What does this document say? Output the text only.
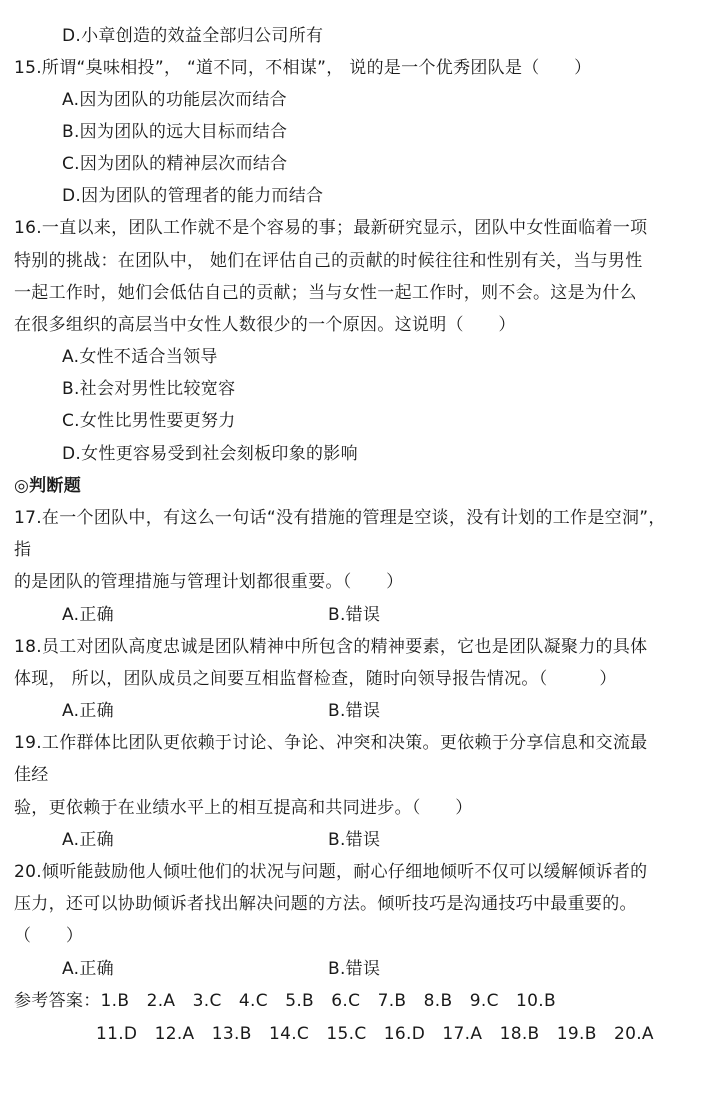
D.小章创造的效益全部归公司所有
15.所谓“臭味相投”， “道不同，不相谋”， 说的是一个优秀团队是（　　）
A.因为团队的功能层次而结合
B.因为团队的远大目标而结合
C.因为团队的精神层次而结合
D.因为团队的管理者的能力而结合
16.一直以来，团队工作就不是个容易的事；最新研究显示，团队中女性面临着一项
特别的挑战：在团队中， 她们在评估自己的贡献的时候往往和性别有关，当与男性
一起工作时，她们会低估自己的贡献；当与女性一起工作时，则不会。这是为什么
在很多组织的高层当中女性人数很少的一个原因。这说明（　　）
A.女性不适合当领导
B.社会对男性比较宽容
C.女性比男性要更努力
D.女性更容易受到社会刻板印象的影响
◎判断题
17.在一个团队中，有这么一句话“没有措施的管理是空谈，没有计划的工作是空洞”，
指
的是团队的管理措施与管理计划都很重要。（　　）
A.正确	B.错误
18.员工对团队高度忠诚是团队精神中所包含的精神要素，它也是团队凝聚力的具体
体现， 所以，团队成员之间要互相监督检查，随时向领导报告情况。（　　　）
A.正确	B.错误
19.工作群体比团队更依赖于讨论、争论、冲突和决策。更依赖于分享信息和交流最
佳经
验，更依赖于在业绩水平上的相互提高和共同进步。（　　）
A.正确	B.错误
20.倾听能鼓励他人倾吐他们的状况与问题，耐心仔细地倾听不仅可以缓解倾诉者的
压力，还可以协助倾诉者找出解决问题的方法。倾听技巧是沟通技巧中最重要的。
（　　）
A.正确	B.错误
参考答案：1.B　2.A　3.C　4.C　5.B　6.C　7.B　8.B　9.C　10.B
11.D　12.A　13.B　14.C　15.C　16.D　17.A　18.B　19.B　20.A
